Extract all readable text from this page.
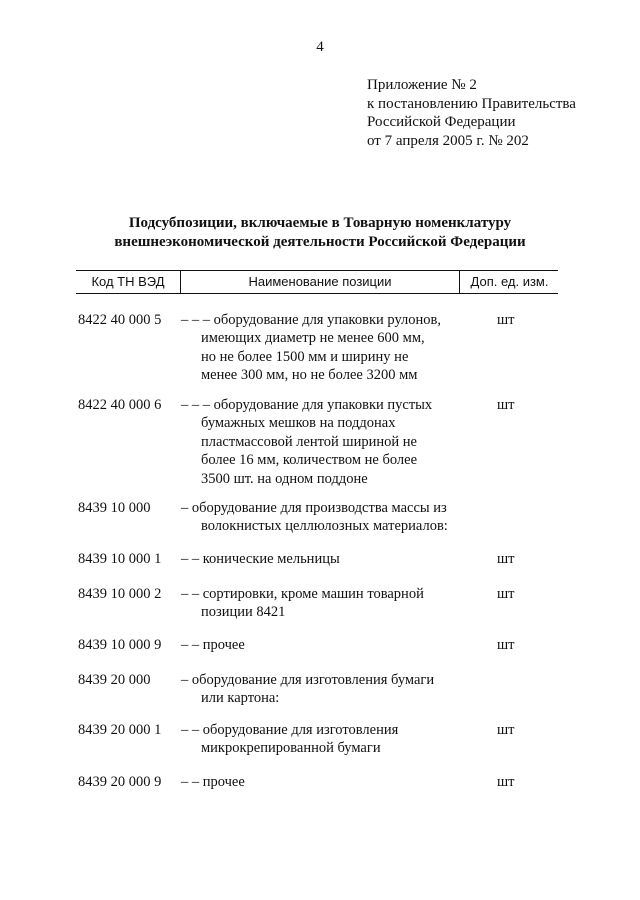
4
Приложение № 2
к постановлению Правительства
Российской Федерации
от 7 апреля 2005 г. № 202
Подсубпозиции, включаемые в Товарную номенклатуру
внешнеэкономической деятельности Российской Федерации
Код ТН ВЭД	Наименование позиции	Доп. ед. изм.
8422 40 000 5 – – – оборудование для упаковки рулонов,
имеющих диаметр не менее 600 мм,
но не более 1500 мм и ширину не
менее 300 мм, но не более 3200 мм
шт
8422 40 000 6 – – – оборудование для упаковки пустых
бумажных мешков на поддонах
пластмассовой лентой шириной не
более 16 мм, количеством не более
3500 шт. на одном поддоне
шт
8439 10 000 – оборудование для производства массы из
волокнистых целлюлозных материалов:
8439 10 000 1 – – конические мельницы	шт
8439 10 000 2 – – сортировки, кроме машин товарной
позиции 8421
шт
8439 10 000 9 – – прочее	шт
8439 20 000 – оборудование для изготовления бумаги
или картона:
8439 20 000 1 – – оборудование для изготовления
микрокрепированной бумаги
шт
8439 20 000 9 – – прочее	шт
